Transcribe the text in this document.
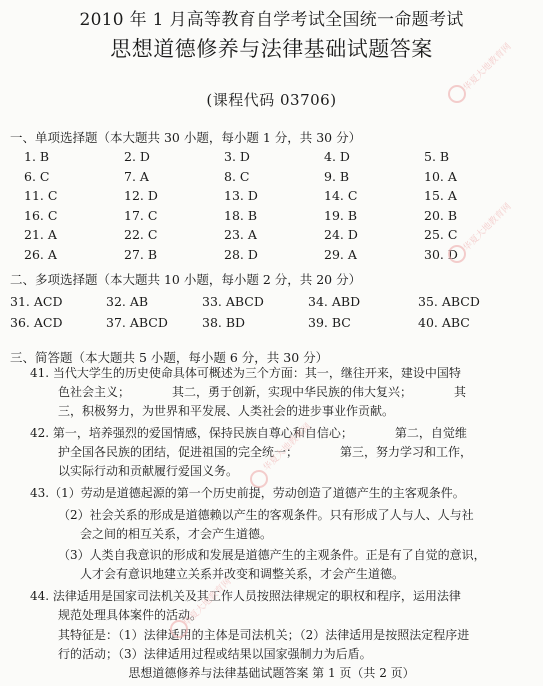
2010 年 1 月高等教育自学考试全国统一命题考试
思想道德修养与法律基础试题答案
(课程代码 03706)
一、单项选择题（本大题共 30 小题，每小题 1 分，共 30 分）
1. B	2. D	3. D	4. D	5. B
6. C	7. A	8. C	9. B	10. A
11. C	12. D	13. D	14. C	15. A
16. C	17. C	18. B	19. B	20. B
21. A	22. C	23. A	24. D	25. C
26. A	27. B	28. D	29. A	30. D
二、多项选择题（本大题共 10 小题，每小题 2 分，共 20 分）
31. ACD	32. AB	33. ABCD	34. ABD	35. ABCD
36. ACD	37. ABCD	38. BD	39. BC	40. ABC
三、简答题（本大题共 5 小题，每小题 6 分，共 30 分）
41. 当代大学生的历史使命具体可概述为三个方面：其一，继往开来，建设中国特
色社会主义；　　　　其二，勇于创新，实现中华民族的伟大复兴；　　　　其
三，积极努力，为世界和平发展、人类社会的进步事业作贡献。
42. 第一，培养强烈的爱国情感，保持民族自尊心和自信心；　　　　第二，自觉维
护全国各民族的团结，促进祖国的完全统一；　　　　第三，努力学习和工作，
以实际行动和贡献履行爱国义务。
43.（1）劳动是道德起源的第一个历史前提，劳动创造了道德产生的主客观条件。
（2）社会关系的形成是道德赖以产生的客观条件。只有形成了人与人、人与社
会之间的相互关系，才会产生道德。
（3）人类自我意识的形成和发展是道德产生的主观条件。正是有了自觉的意识，
人才会有意识地建立关系并改变和调整关系，才会产生道德。
44. 法律适用是国家司法机关及其工作人员按照法律规定的职权和程序，运用法律
规范处理具体案件的活动。
其特征是：（1）法律适用的主体是司法机关；（2）法律适用是按照法定程序进
行的活动；（3）法律适用过程或结果以国家强制力为后盾。
思想道德修养与法律基础试题答案 第 1 页（共 2 页）
华夏大地教育网
华夏大地教育网
华夏大地教育网
华夏大地教育网
